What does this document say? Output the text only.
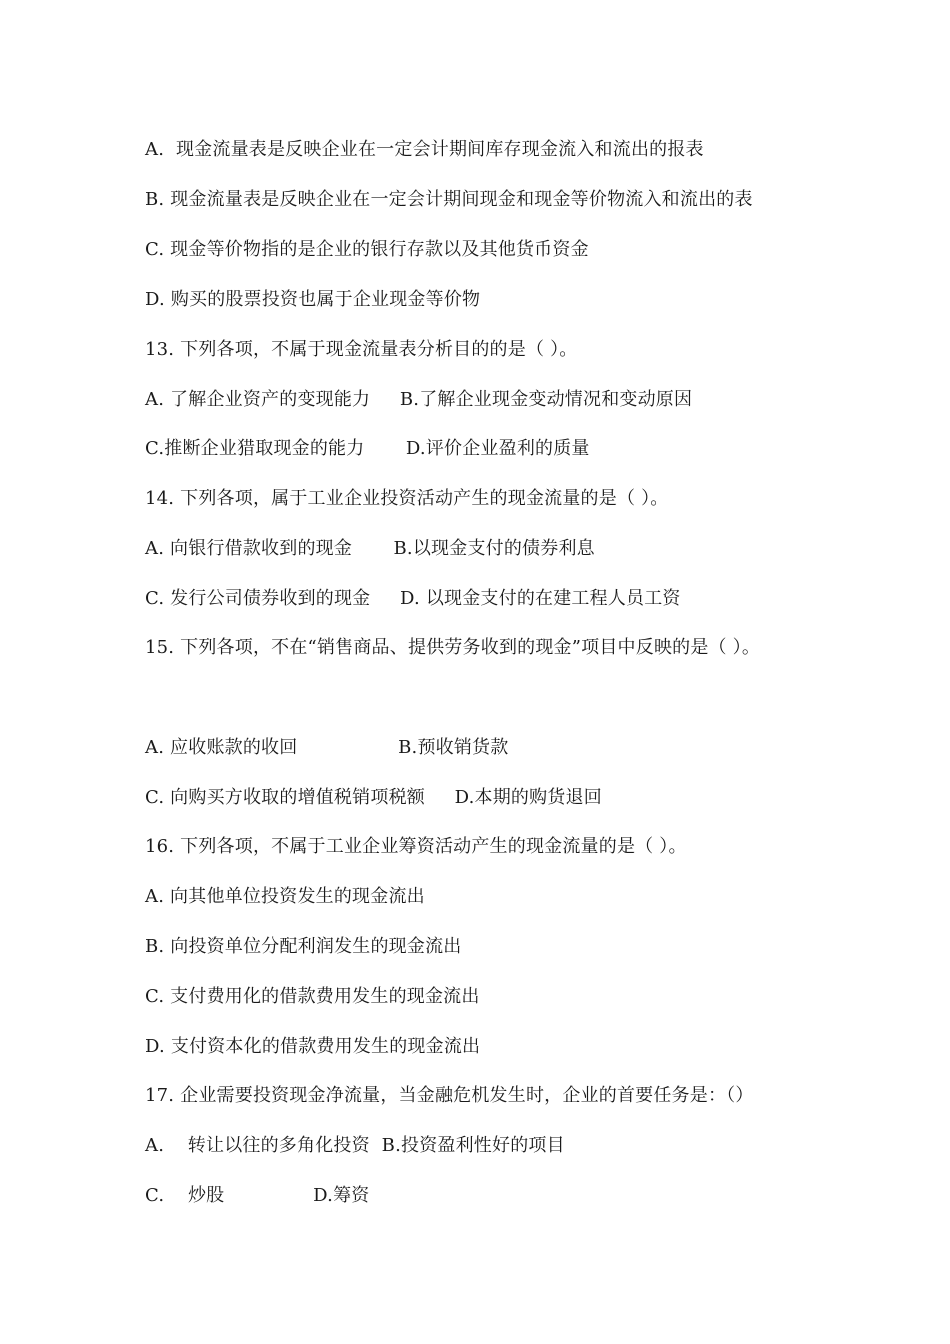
A.  现金流量表是反映企业在一定会计期间库存现金流入和流出的报表
B. 现金流量表是反映企业在一定会计期间现金和现金等价物流入和流出的表
C. 现金等价物指的是企业的银行存款以及其他货币资金
D. 购买的股票投资也属于企业现金等价物
13. 下列各项，不属于现金流量表分析目的的是（ ）。
A. 了解企业资产的变现能力     B.了解企业现金变动情况和变动原因
C.推断企业猎取现金的能力       D.评价企业盈利的质量
14. 下列各项，属于工业企业投资活动产生的现金流量的是（ ）。
A. 向银行借款收到的现金       B.以现金支付的债券利息
C. 发行公司债券收到的现金     D. 以现金支付的在建工程人员工资
15. 下列各项，不在“销售商品、提供劳务收到的现金”项目中反映的是（ ）。
A. 应收账款的收回                 B.预收销货款
C. 向购买方收取的增值税销项税额     D.本期的购货退回
16. 下列各项，不属于工业企业筹资活动产生的现金流量的是（ ）。
A. 向其他单位投资发生的现金流出
B. 向投资单位分配利润发生的现金流出
C. 支付费用化的借款费用发生的现金流出
D. 支付资本化的借款费用发生的现金流出
17. 企业需要投资现金净流量，当金融危机发生时，企业的首要任务是：（）
A.    转让以往的多角化投资  B.投资盈利性好的项目
C.    炒股               D.筹资
